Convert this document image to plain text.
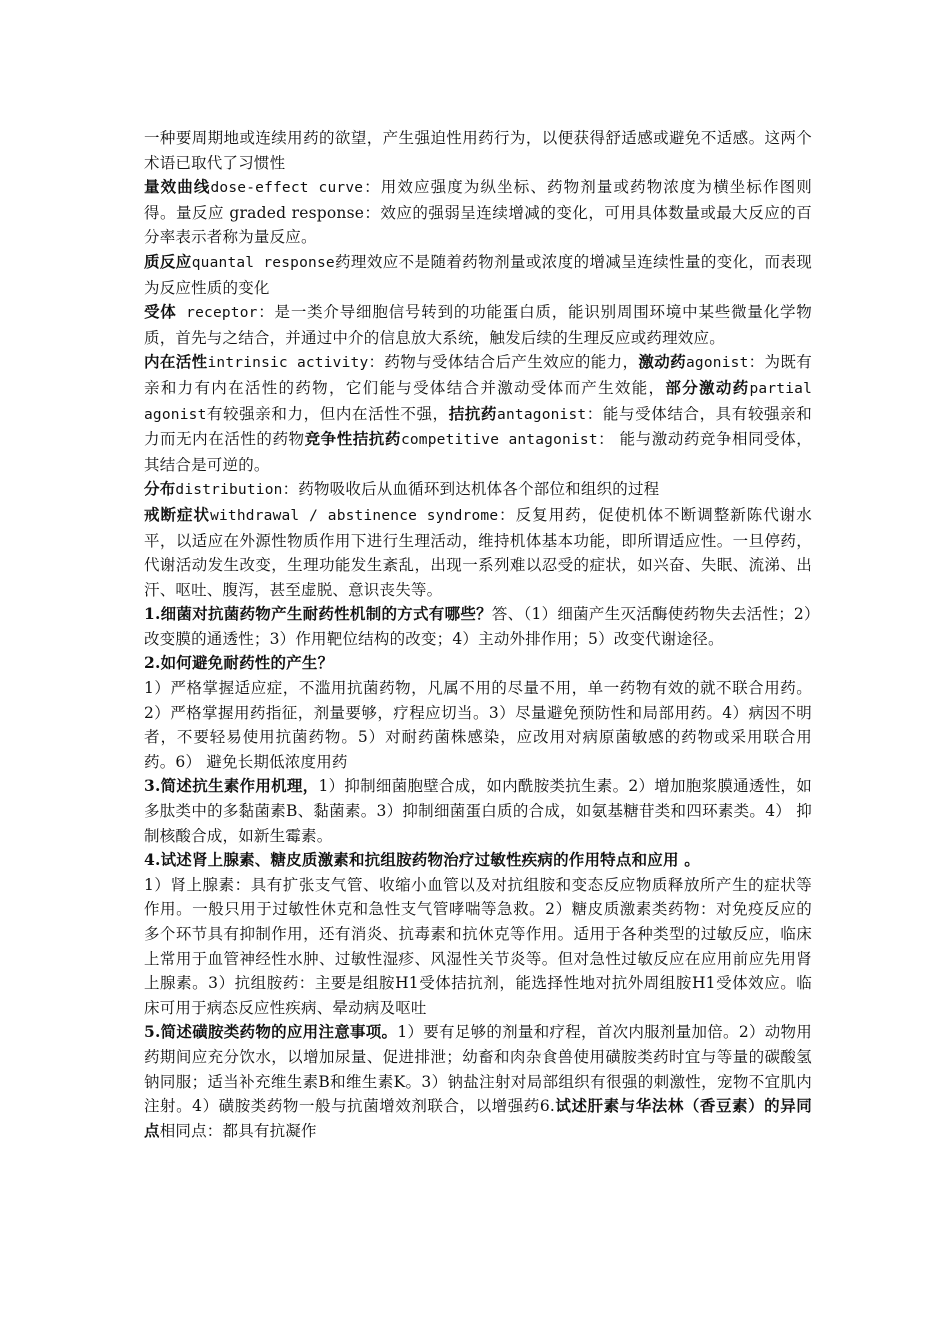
一种要周期地或连续用药的欲望，产生强迫性用药行为，以便获得舒适感或避免不适感。这两个术语已取代了习惯性

量效曲线dose-effect curve：用效应强度为纵坐标、药物剂量或药物浓度为横坐标作图则得。量反应 graded response：效应的强弱呈连续增减的变化，可用具体数量或最大反应的百分率表示者称为量反应。

质反应quantal response药理效应不是随着药物剂量或浓度的增减呈连续性量的变化，而表现为反应性质的变化

受体 receptor：是一类介导细胞信号转到的功能蛋白质，能识别周围环境中某些微量化学物质，首先与之结合，并通过中介的信息放大系统，触发后续的生理反应或药理效应。

内在活性intrinsic activity：药物与受体结合后产生效应的能力，激动药agonist：为既有亲和力有内在活性的药物，它们能与受体结合并激动受体而产生效能，部分激动药partial agonist有较强亲和力，但内在活性不强，拮抗药antagonist：能与受体结合，具有较强亲和力而无内在活性的药物竞争性拮抗药competitive antagonist： 能与激动药竞争相同受体，其结合是可逆的。

分布distribution：药物吸收后从血循环到达机体各个部位和组织的过程

戒断症状withdrawal / abstinence syndrome：反复用药，促使机体不断调整新陈代谢水平，以适应在外源性物质作用下进行生理活动，维持机体基本功能，即所谓适应性。一旦停药，代谢活动发生改变，生理功能发生紊乱，出现一系列难以忍受的症状，如兴奋、失眠、流涕、出汗、呕吐、腹泻，甚至虚脱、意识丧失等。

1.细菌对抗菌药物产生耐药性机制的方式有哪些？答、（1）细菌产生灭活酶使药物失去活性；2）改变膜的通透性；3）作用靶位结构的改变；4）主动外排作用；5）改变代谢途径。

2.如何避免耐药性的产生？

1）严格掌握适应症，不滥用抗菌药物，凡属不用的尽量不用，单一药物有效的就不联合用药。2）严格掌握用药指征，剂量要够，疗程应切当。3）尽量避免预防性和局部用药。4）病因不明者，不要轻易使用抗菌药物。5）对耐药菌株感染，应改用对病原菌敏感的药物或采用联合用药。6） 避免长期低浓度用药

3.简述抗生素作用机理，1）抑制细菌胞壁合成，如内酰胺类抗生素。2）增加胞浆膜通透性，如多肽类中的多黏菌素B、黏菌素。3）抑制细菌蛋白质的合成，如氨基糖苷类和四环素类。4） 抑制核酸合成，如新生霉素。

4.试述肾上腺素、糖皮质激素和抗组胺药物治疗过敏性疾病的作用特点和应用 。

1）肾上腺素：具有扩张支气管、收缩小血管以及对抗组胺和变态反应物质释放所产生的症状等作用。一般只用于过敏性休克和急性支气管哮喘等急救。2）糖皮质激素类药物：对免疫反应的多个环节具有抑制作用，还有消炎、抗毒素和抗休克等作用。适用于各种类型的过敏反应，临床上常用于血管神经性水肿、过敏性湿疹、风湿性关节炎等。但对急性过敏反应在应用前应先用肾上腺素。3）抗组胺药：主要是组胺H1受体拮抗剂，能选择性地对抗外周组胺H1受体效应。临床可用于病态反应性疾病、晕动病及呕吐

5.简述磺胺类药物的应用注意事项。1）要有足够的剂量和疗程，首次内服剂量加倍。2）动物用药期间应充分饮水，以增加尿量、促进排泄；幼畜和肉杂食兽使用磺胺类药时宜与等量的碳酸氢钠同服；适当补充维生素B和维生素K。3）钠盐注射对局部组织有很强的刺激性，宠物不宜肌内注射。4）磺胺类药物一般与抗菌增效剂联合，以增强药6.试述肝素与华法林（香豆素）的异同点相同点：都具有抗凝作
